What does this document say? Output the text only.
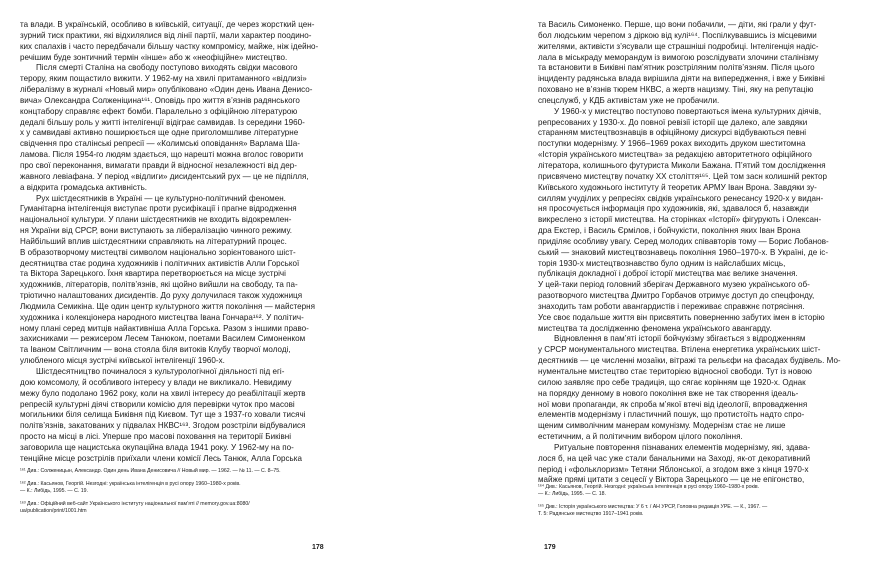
та влади. В українській, особливо в київській, ситуації, де через жорсткий цен-
зурний тиск практики, які відхилялися від лінії партії, мали характер поодино-
ких спалахів і часто передбачали більшу частку компромісу, майже, ніж ідейно-
речішим буде зонтичний термін «інше» або ж «неофіційне» мистецтво.
Після смерті Сталіна на свободу поступово виходять свідки масового
терору, яким пощастило вижити. У 1962-му на хвилі притаманного «відлизі»
лібералізму в журналі «Новый мир» опубліковано «Один день Ивана Денисо-
вича» Олександра Солженіцина¹⁶¹. Оповідь про життя в’язнів радянського
концтабору справляє ефект бомби. Паралельно з офіційною літературою
дедалі більшу роль у житті інтелігенції відіграє самвидав. Із середини 1960-
х у самвидаві активно поширюється ще одне приголомшливе літературне
свідчення про сталінські репресії — «Колимські оповідання» Варлама Ша-
ламова. Після 1954-го людям здається, що нарешті можна вголос говорити
про свої переконання, вимагати правди й відносної незалежності від дер-
жавного левіафана. У період «відлиги» дисидентський рух — це не підпілля,
а відкрита громадська активність.
Рух шістдесятників в Україні — це культурно-політичний феномен.
Гуманітарна інтелігенція виступає проти русифікації і прагне відродження
національної культури. У плани шістдесятників не входить відокремлен-
ня України від СРСР, вони виступають за лібералізацію чинного режиму.
Найбільший вплив шістдесятники справляють на літературний процес.
В образотворчому мистецтві символом національно зорієнтованого шіст-
десятництва стає родина художників і політичних активістів Алли Горської
та Віктора Зарецького. Їхня квартира перетворюється на місце зустрічі
художників, літераторів, політв’язнів, які щойно вийшли на свободу, та па-
тріотично налаштованих дисидентів. До руху долучилася також художниця
Людмила Семикіна. Ще один центр культурного життя покоління — майстерня
художника і колекціонера народного мистецтва Івана Гончара¹⁶². У політич-
ному плані серед митців найактивніша Алла Горська. Разом з іншими право-
захисниками — режисером Лесем Танюком, поетами Василем Симоненком
та Іваном Світличним — вона стояла біля витоків Клубу творчої молоді,
улюбленого місця зустрічі київської інтелігенції 1960-х.
Шістдесятництво починалося з культурологічної діяльності під егі-
дою комсомолу, й особливого інтересу у влади не викликало. Невидиму
межу було подолано 1962 року, коли на хвилі інтересу до реабілітації жертв
репресій культурні діячі створили комісію для перевірки чуток про масові
могильники біля селища Биківня під Києвом. Тут ще з 1937-го ховали тисячі
політв’язнів, закатованих у підвалах НКВС¹⁶³. Згодом розстріли відбувалися
просто на місці в лісі. Уперше про масові поховання на території Биківні
заговорила ще нацистська окупаційна влада 1941 року. У 1962-му на по-
тенційне місце розстрілів приїхали члени комісії Лесь Танюк, Алла Горська
¹⁶¹ Див.: Солженицын, Александр. Один день Ивана Денисовича // Новый мир. — 1962. — № 11. — С. 8–75.
¹⁶² Див.: Касьянов, Георгій. Незгодні: українська інтелігенція в русі опору 1960–1980-х років.
— К.: Либідь, 1995. — С. 19.
¹⁶³ Див.: Офіційний веб-сайт Українського інституту національної пам’яті // memory.gov.ua:8080/
ua/publication/print/1001.htm
178
та Василь Симоненко. Перше, що вони побачили, — діти, які грали у фут-
бол людським черепом з діркою від кулі¹⁶⁴. Поспілкувавшись із місцевими
жителями, активісти з’ясували ще страшніші подробиці. Інтелігенція надіс-
лала в міськраду меморандум із вимогою розслідувати злочини сталінізму
та встановити в Биківні пам’ятник розстріляним політв’язням. Після цього
інциденту радянська влада вирішила діяти на випередження, і вже у Биківні
поховано не в’язнів тюрем НКВС, а жертв нацизму. Тіні, яку на репутацію
спецслужб, у КДБ активістам уже не пробачили.
У 1960-х у мистецтво поступово повертаються імена культурних діячів,
репресованих у 1930-х. До повної ревізії історії ще далеко, але завдяки
старанням мистецтвознавців в офіційному дискурсі відбуваються певні
поступки модернізму. У 1966–1969 роках виходить друком шеститомна
«Історія українського мистецтва» за редакцією авторитетного офіційного
літератора, колишнього футуриста Миколи Бажана. П’ятий том дослідження
присвячено мистецтву початку XX століття¹⁶⁵. Цей том засн колишній ректор
Київського художнього інституту й теоретик АРМУ Іван Врона. Завдяки зу-
силлям учуділих у репресіях свідків українського ренесансу 1920-х у видан-
ня просочується інформація про художників, які, здавалося б, назавжди
викреслено з історії мистецтва. На сторінках «Історії» фігурують і Олексан-
дра Екстер, і Василь Єрмілов, і бойчукісти, покоління яких Іван Врона
приділяє особливу увагу. Серед молодих співавторів тому — Борис Лобанов-
ський — знаковий мистецтвознавець покоління 1960–1970-х. В Україні, де іс-
торія 1930-х мистецтвознавство було одним із найслабших місць,
публікація докладної і доброї історії мистецтва має велике значення.
У цей-таки період головний зберігач Державного музею українського об-
разотворчого мистецтва Дмитро Горбачов отримує доступ до спецфонду,
знаходить там роботи авангардистів і переживає справжнє потрясіння.
Усе своє подальше життя він присвятить поверненню забутих імен в історію
мистецтва та дослідженню феномена українського авангарду.
Відновлення в пам’яті історії бойчукізму збігається з відродженням
у СРСР монументального мистецтва. Втілена енергетика українських шіст-
десятників — це численні мозаїки, вітражі та рельєфи на фасадах будівель. Мо-
нументальне мистецтво стає територією відносної свободи. Тут із новою
силою заявляє про себе традиція, що сягає корінням ще 1920-х. Однак
на порядку денному в нового покоління вже не так створення ідеаль-
ної мови пропаганди, як спроба м’якої втечі від ідеології, впровадження
елементів модернізму і пластичний пошук, що протистоїть надто спро-
щеним символічним манерам комунізму. Модернізм стає не лише
естетичним, а й політичним вибором цілого покоління.
Ритуальне повторення пізнаваних елементів модернізму, які, здава-
лося б, на цей час уже стали банальними на Заході, як-от декоративний
період і «фольклоризм» Тетяни Яблонської, а згодом вже з кінця 1970-х
майже прямі цитати з сецесії у Віктора Зарецького — це не епігонство,
¹⁶⁴ Див.: Касьянов, Георгій. Незгодні: українська інтелігенція в русі опору 1960–1980-х років.
— К.: Либідь, 1995. — С. 18.
¹⁶⁵ Див.: Історія українського мистецтва: У 6 т. / АН УРСР, Головна редакція УРЕ. — К., 1967. —
Т. 5: Радянське мистецтво 1917–1941 років.
179
